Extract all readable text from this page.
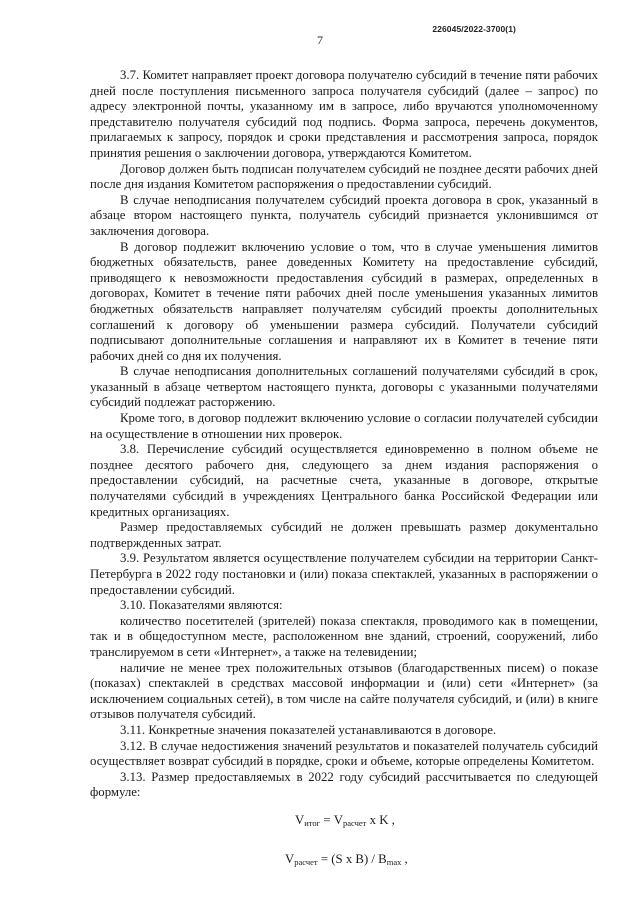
226045/2022-3700(1)
7

3.7. Комитет направляет проект договора получателю субсидий в течение пяти рабочих дней после поступления письменного запроса получателя субсидий (далее – запрос) по адресу электронной почты, указанному им в запросе, либо вручаются уполномоченному представителю получателя субсидий под подпись. Форма запроса, перечень документов, прилагаемых к запросу, порядок и сроки представления и рассмотрения запроса, порядок принятия решения о заключении договора, утверждаются Комитетом.

Договор должен быть подписан получателем субсидий не позднее десяти рабочих дней после дня издания Комитетом распоряжения о предоставлении субсидий.

В случае неподписания получателем субсидий проекта договора в срок, указанный в абзаце втором настоящего пункта, получатель субсидий признается уклонившимся от заключения договора.

В договор подлежит включению условие о том, что в случае уменьшения лимитов бюджетных обязательств, ранее доведенных Комитету на предоставление субсидий, приводящего к невозможности предоставления субсидий в размерах, определенных в договорах, Комитет в течение пяти рабочих дней после уменьшения указанных лимитов бюджетных обязательств направляет получателям субсидий проекты дополнительных соглашений к договору об уменьшении размера субсидий. Получатели субсидий подписывают дополнительные соглашения и направляют их в Комитет в течение пяти рабочих дней со дня их получения.

В случае неподписания дополнительных соглашений получателями субсидий в срок, указанный в абзаце четвертом настоящего пункта, договоры с указанными получателями субсидий подлежат расторжению.

Кроме того, в договор подлежит включению условие о согласии получателей субсидии на осуществление в отношении них проверок.

3.8. Перечисление субсидий осуществляется единовременно в полном объеме не позднее десятого рабочего дня, следующего за днем издания распоряжения о предоставлении субсидий, на расчетные счета, указанные в договоре, открытые получателями субсидий в учреждениях Центрального банка Российской Федерации или кредитных организациях.

Размер предоставляемых субсидий не должен превышать размер документально подтвержденных затрат.

3.9. Результатом является осуществление получателем субсидии на территории Санкт-Петербурга в 2022 году постановки и (или) показа спектаклей, указанных в распоряжении о предоставлении субсидий.

3.10. Показателями являются:

количество посетителей (зрителей) показа спектакля, проводимого как в помещении, так и в общедоступном месте, расположенном вне зданий, строений, сооружений, либо транслируемом в сети «Интернет», а также на телевидении;

наличие не менее трех положительных отзывов (благодарственных писем) о показе (показах) спектаклей в средствах массовой информации и (или) сети «Интернет» (за исключением социальных сетей), в том числе на сайте получателя субсидий, и (или) в книге отзывов получателя субсидий.

3.11. Конкретные значения показателей устанавливаются в договоре.

3.12. В случае недостижения значений результатов и показателей получатель субсидий осуществляет возврат субсидий в порядке, сроки и объеме, которые определены Комитетом.

3.13. Размер предоставляемых в 2022 году субсидий рассчитывается по следующей формуле:

$V_{итог} = V_{расчет}$ x K ,
$V_{расчет} = (S$ x $B) / B_{max}$ ,
